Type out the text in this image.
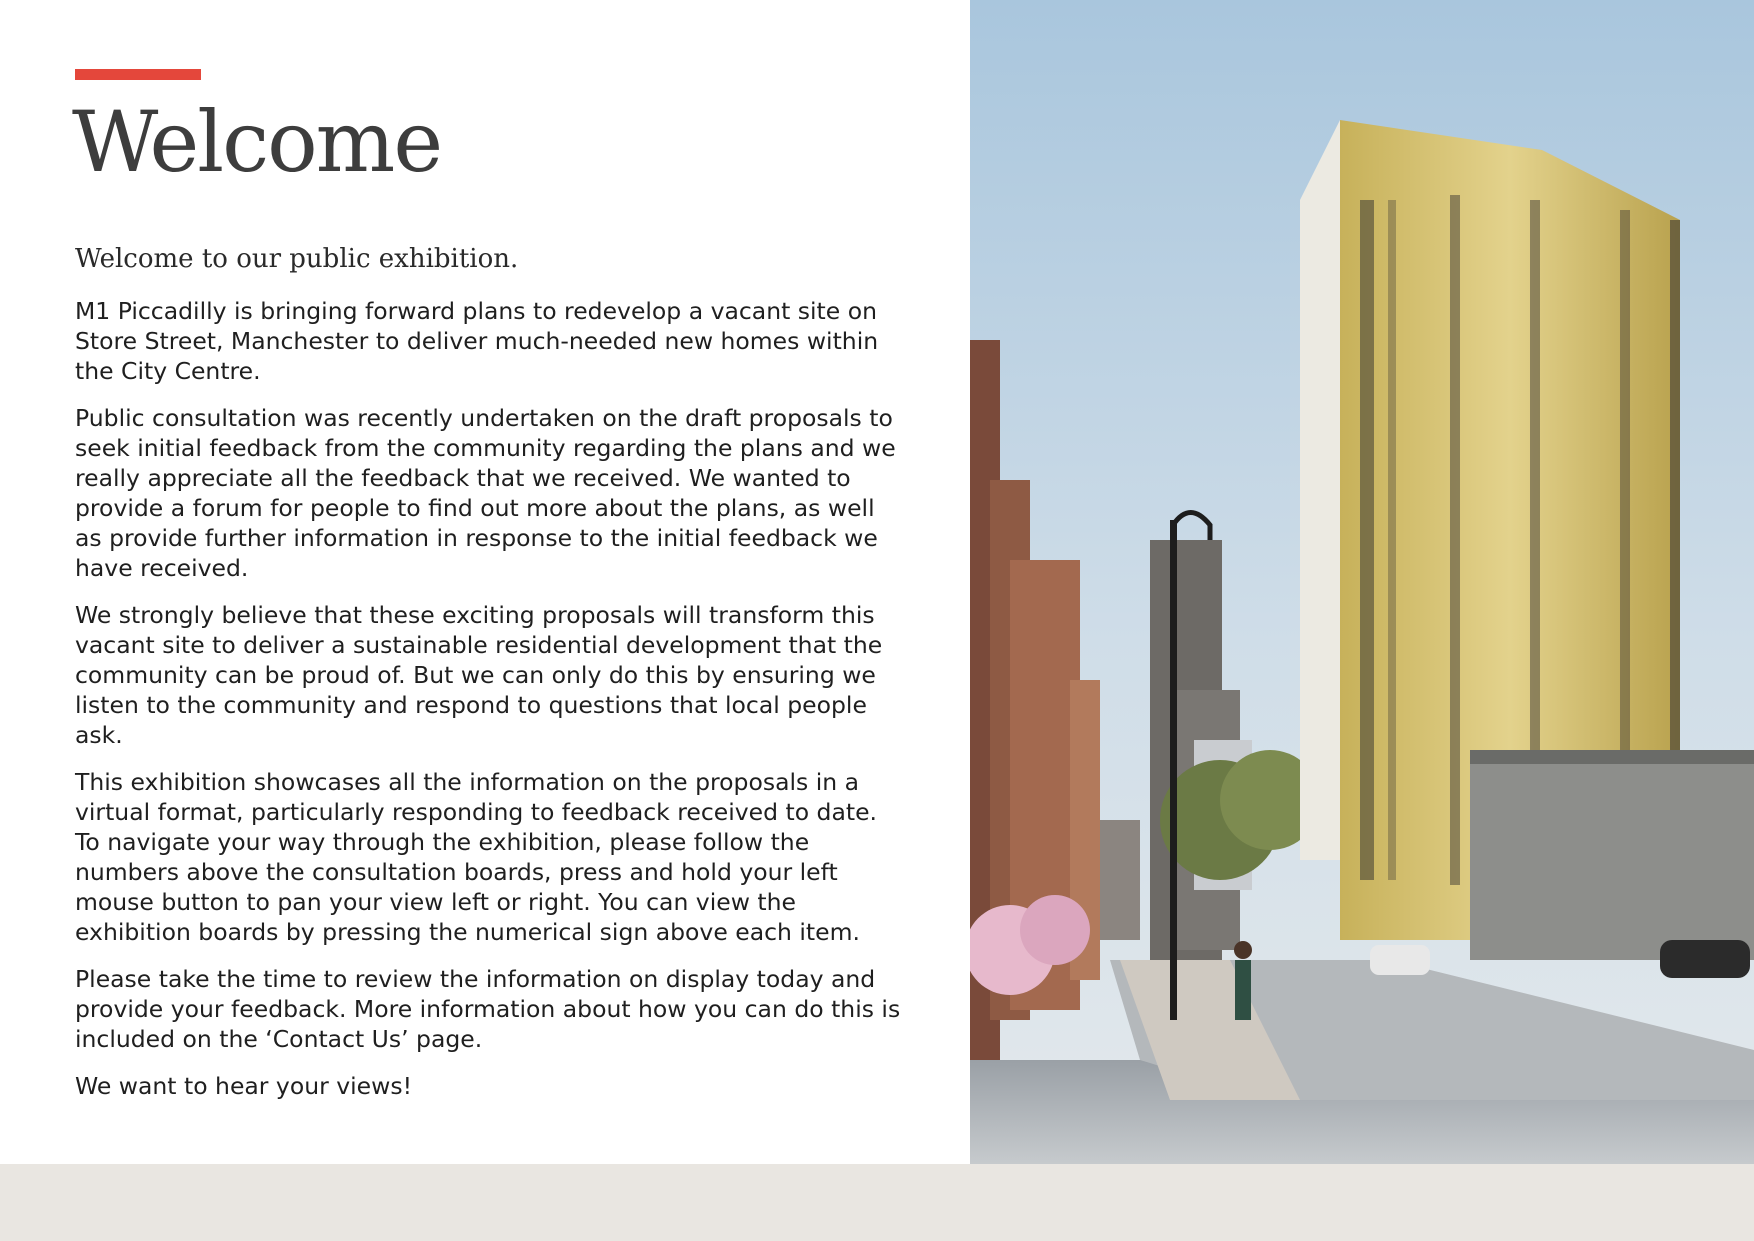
Welcome
Welcome to our public exhibition.

M1 Piccadilly is bringing forward plans to redevelop a vacant site on Store Street, Manchester to deliver much-needed new homes within the City Centre.

Public consultation was recently undertaken on the draft proposals to seek initial feedback from the community regarding the plans and we really appreciate all the feedback that we received. We wanted to provide a forum for people to find out more about the plans, as well as provide further information in response to the initial feedback we have received.

We strongly believe that these exciting proposals will transform this vacant site to deliver a sustainable residential development that the community can be proud of. But we can only do this by ensuring we listen to the community and respond to questions that local people ask.

This exhibition showcases all the information on the proposals in a virtual format, particularly responding to feedback received to date. To navigate your way through the exhibition, please follow the numbers above the consultation boards, press and hold your left mouse button to pan your view left or right. You can view the exhibition boards by pressing the numerical sign above each item.

Please take the time to review the information on display today and provide your feedback. More information about how you can do this is included on the ‘Contact Us’ page.

We want to hear your views!
